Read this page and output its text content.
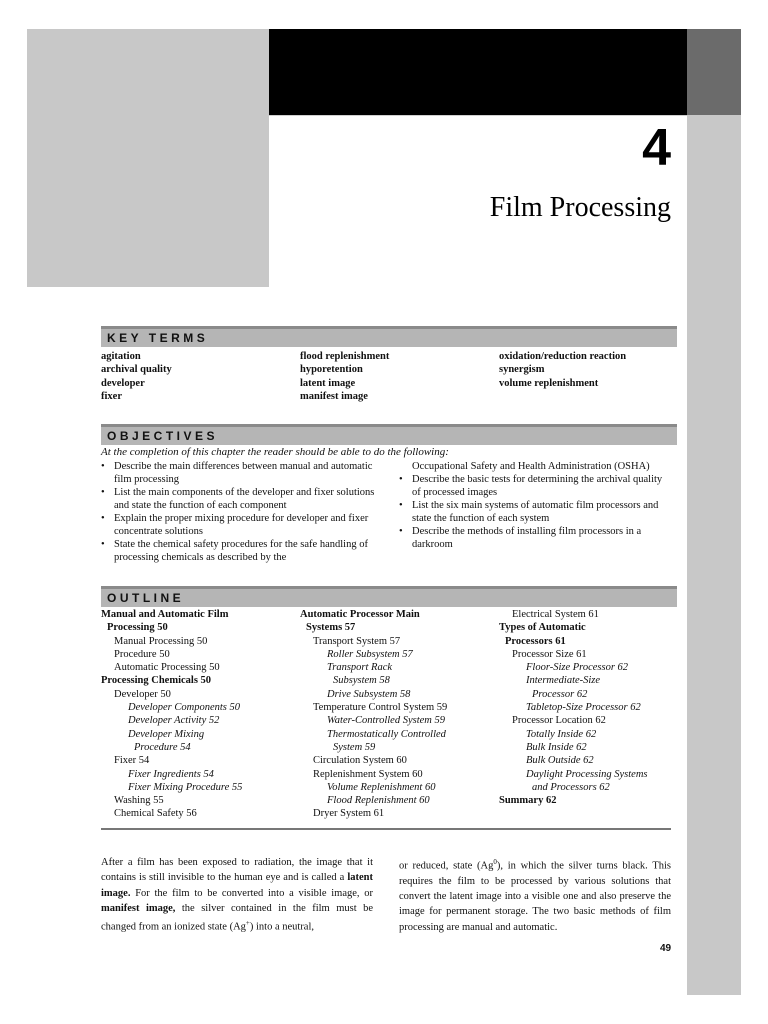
CHAPTER
4
Film Processing
KEY TERMS
agitation
archival quality
developer
fixer
flood replenishment
hyporetention
latent image
manifest image
oxidation/reduction reaction
synergism
volume replenishment
OBJECTIVES
At the completion of this chapter the reader should be able to do the following:
• Describe the main differences between manual and automatic film processing
• List the main components of the developer and fixer solutions and state the function of each component
• Explain the proper mixing procedure for developer and fixer concentrate solutions
• State the chemical safety procedures for the safe handling of processing chemicals as described by the
Occupational Safety and Health Administration (OSHA)
• Describe the basic tests for determining the archival quality of processed images
• List the six main systems of automatic film processors and state the function of each system
• Describe the methods of installing film processors in a darkroom
OUTLINE
Manual and Automatic Film
Processing 50
Manual Processing 50
Procedure 50
Automatic Processing 50
Processing Chemicals 50
Developer 50
Developer Components 50
Developer Activity 52
Developer Mixing
Procedure 54
Fixer 54
Fixer Ingredients 54
Fixer Mixing Procedure 55
Washing 55
Chemical Safety 56
Automatic Processor Main
Systems 57
Transport System 57
Roller Subsystem 57
Transport Rack
Subsystem 58
Drive Subsystem 58
Temperature Control System 59
Water-Controlled System 59
Thermostatically Controlled
System 59
Circulation System 60
Replenishment System 60
Volume Replenishment 60
Flood Replenishment 60
Dryer System 61
Electrical System 61
Types of Automatic
Processors 61
Processor Size 61
Floor-Size Processor 62
Intermediate-Size
Processor 62
Tabletop-Size Processor 62
Processor Location 62
Totally Inside 62
Bulk Inside 62
Bulk Outside 62
Daylight Processing Systems
and Processors 62
Summary 62
After a film has been exposed to radiation, the image that it contains is still invisible to the human eye and is called a latent image. For the film to be converted into a visible image, or manifest image, the silver contained in the film must be changed from an ionized state (Ag+) into a neutral,
or reduced, state (Ag$^0$), in which the silver turns black. This requires the film to be processed by various solutions that convert the latent image into a visible one and also preserve the image for permanent storage. The two basic methods of film processing are manual and automatic.
49
